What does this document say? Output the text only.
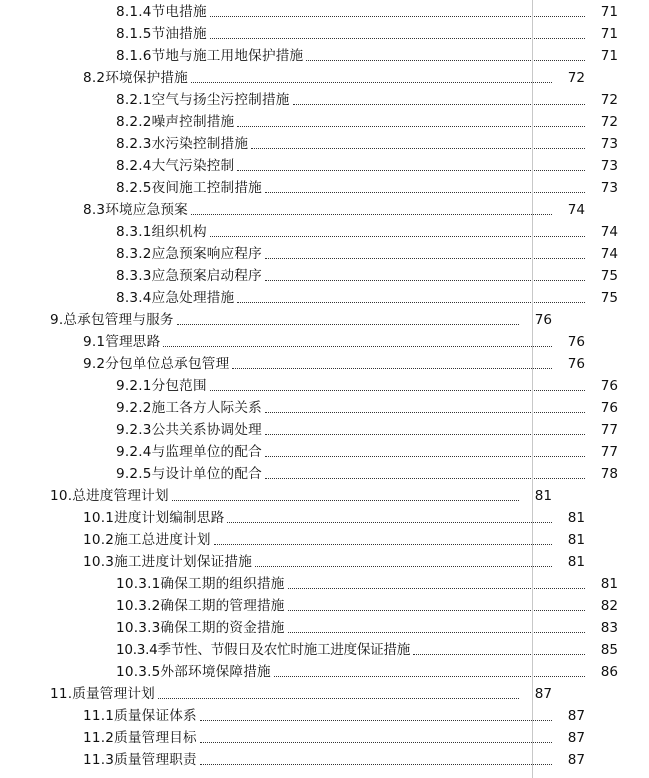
8.1.4节电措施	71
8.1.5节油措施	71
8.1.6节地与施工用地保护措施	71
8.2环境保护措施	72
8.2.1空气与扬尘污控制措施	72
8.2.2噪声控制措施	72
8.2.3水污染控制措施	73
8.2.4大气污染控制	73
8.2.5夜间施工控制措施	73
8.3环境应急预案	74
8.3.1组织机构	74
8.3.2应急预案响应程序	74
8.3.3应急预案启动程序	75
8.3.4应急处理措施	75
9.总承包管理与服务	76
9.1管理思路	76
9.2分包单位总承包管理	76
9.2.1分包范围	76
9.2.2施工各方人际关系	76
9.2.3公共关系协调处理	77
9.2.4与监理单位的配合	77
9.2.5与设计单位的配合	78
10.总进度管理计划	81
10.1进度计划编制思路	81
10.2施工总进度计划	81
10.3施工进度计划保证措施	81
10.3.1确保工期的组织措施	81
10.3.2确保工期的管理措施	82
10.3.3确保工期的资金措施	83
10.3.4季节性、节假日及农忙时施工进度保证措施	85
10.3.5外部环境保障措施	86
11.质量管理计划	87
11.1质量保证体系	87
11.2质量管理目标	87
11.3质量管理职责	87
